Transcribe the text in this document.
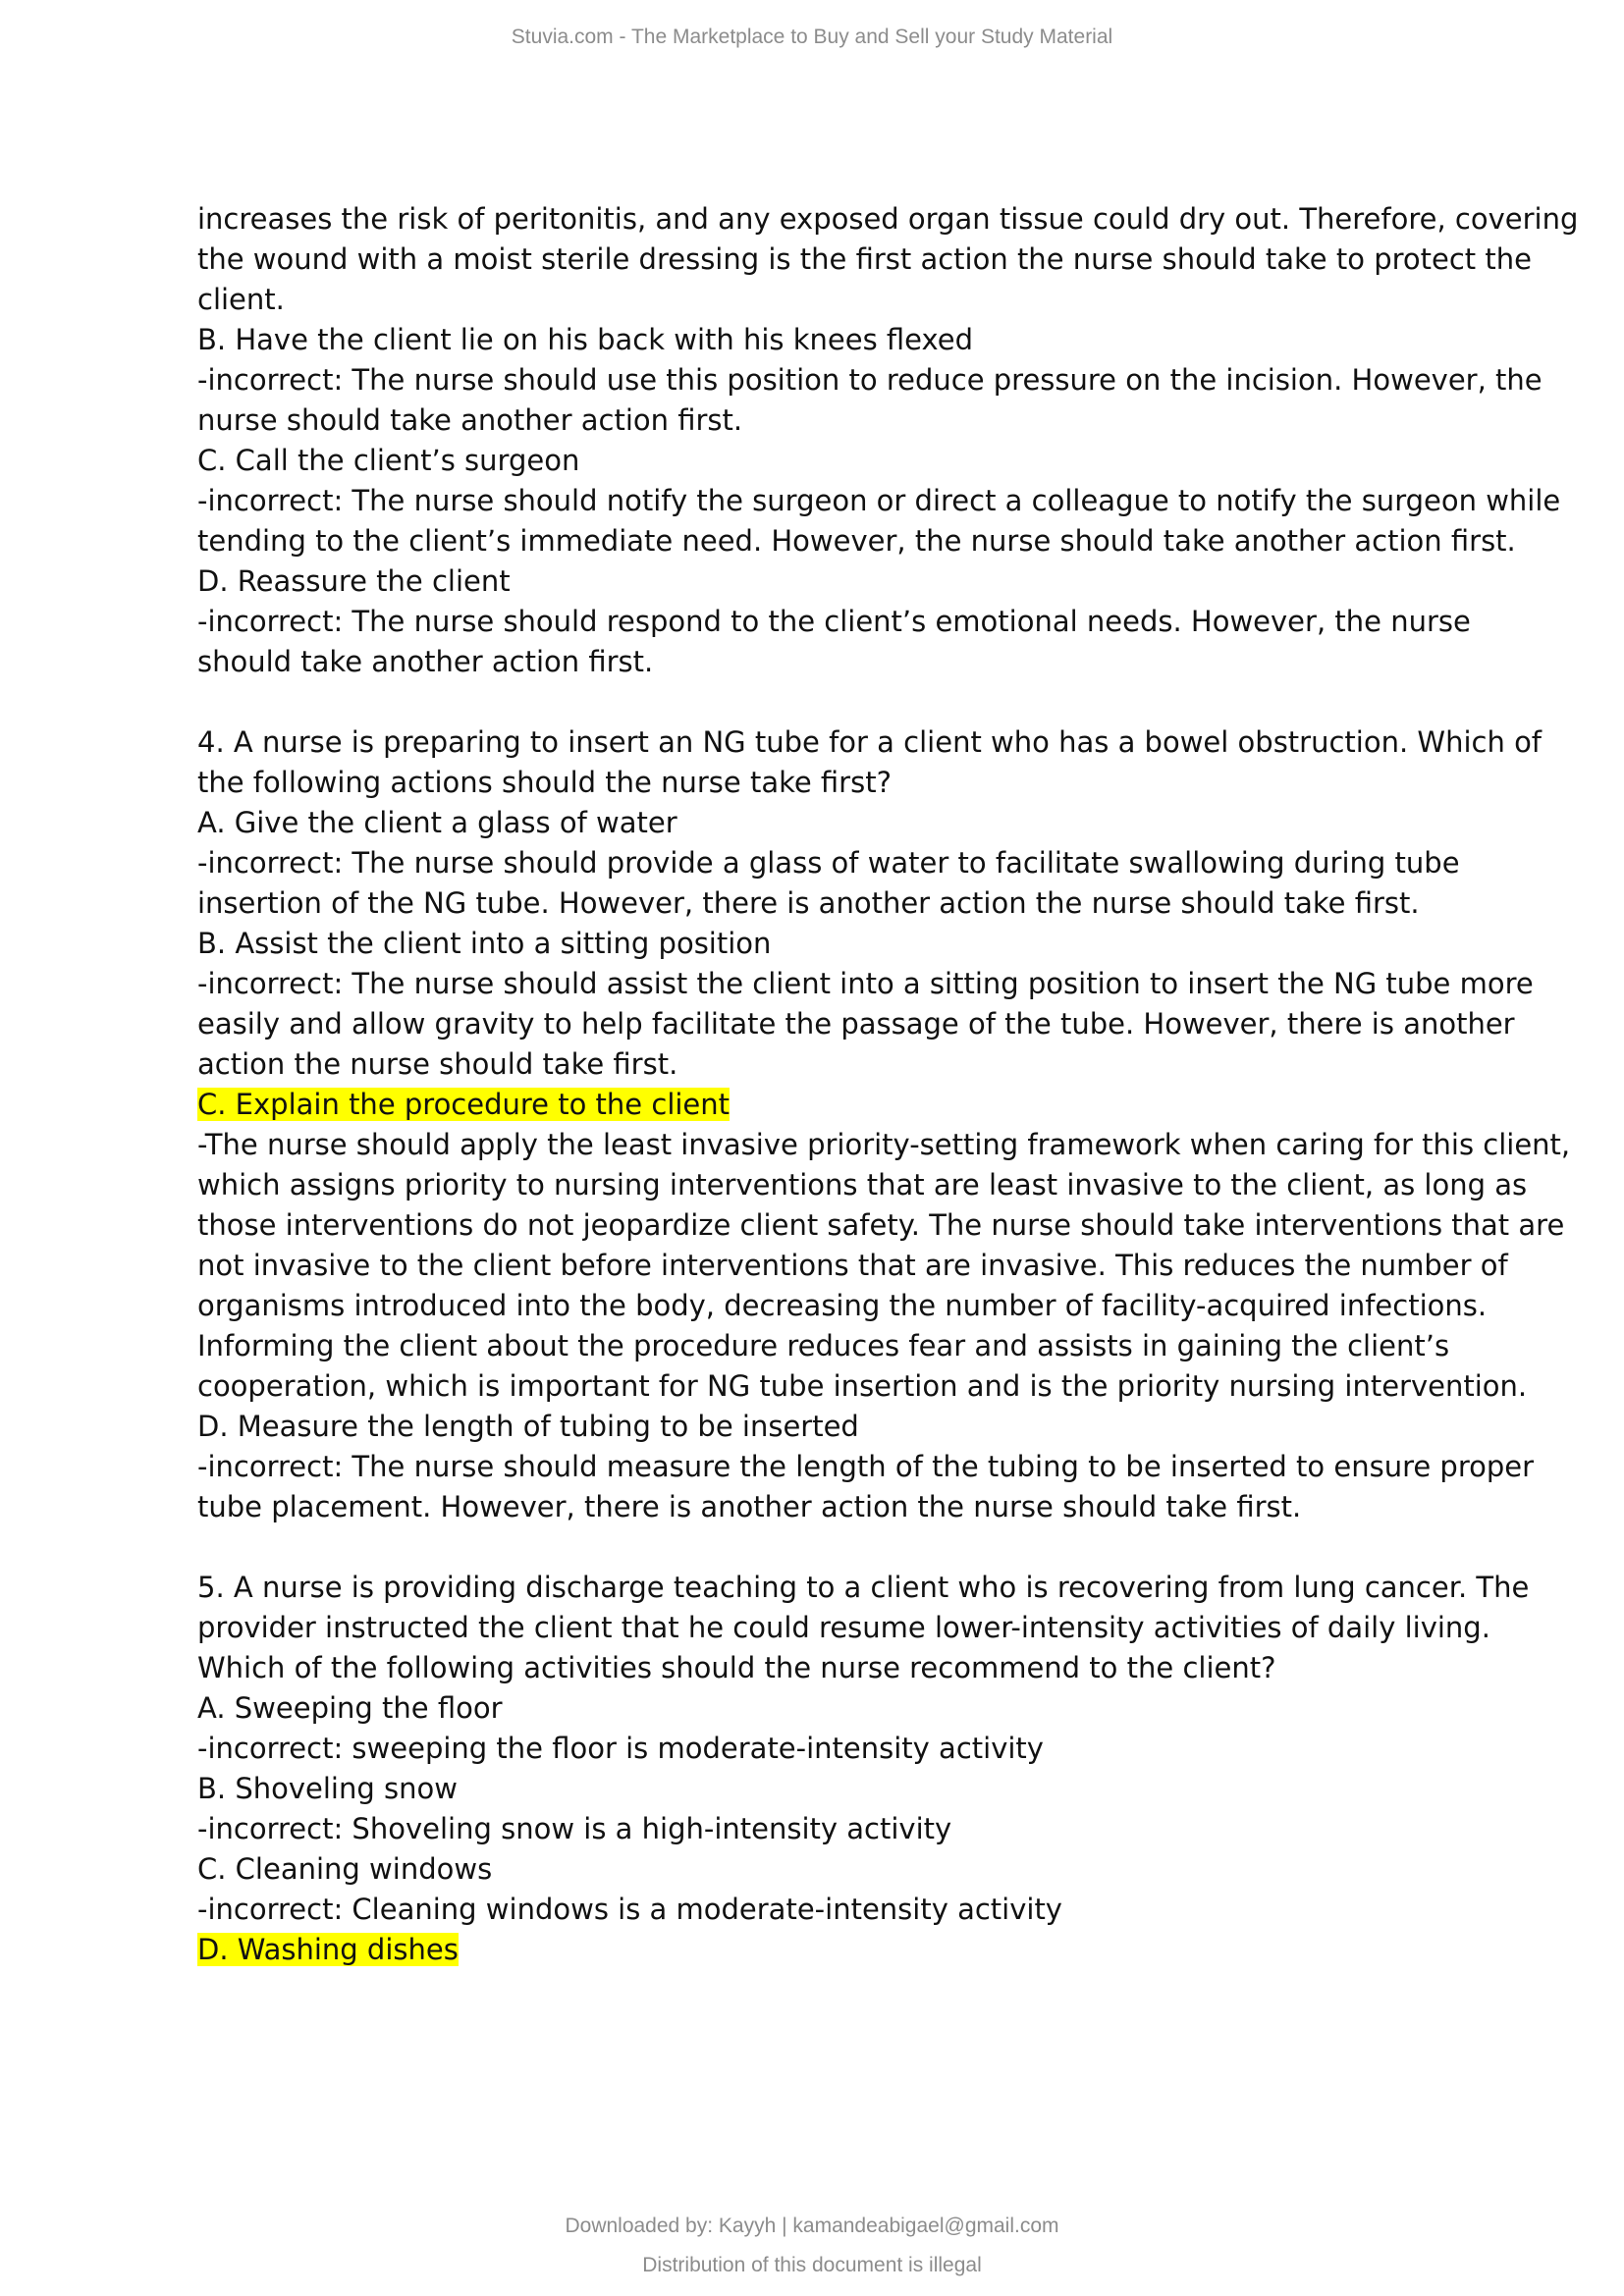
Stuvia.com - The Marketplace to Buy and Sell your Study Material
increases the risk of peritonitis, and any exposed organ tissue could dry out. Therefore, covering
the wound with a moist sterile dressing is the first action the nurse should take to protect the
client.
B. Have the client lie on his back with his knees flexed
-incorrect: The nurse should use this position to reduce pressure on the incision. However, the
nurse should take another action first.
C. Call the client’s surgeon
-incorrect: The nurse should notify the surgeon or direct a colleague to notify the surgeon while
tending to the client’s immediate need. However, the nurse should take another action first.
D. Reassure the client
-incorrect: The nurse should respond to the client’s emotional needs. However, the nurse
should take another action first.
4. A nurse is preparing to insert an NG tube for a client who has a bowel obstruction. Which of
the following actions should the nurse take first?
A. Give the client a glass of water
-incorrect: The nurse should provide a glass of water to facilitate swallowing during tube
insertion of the NG tube. However, there is another action the nurse should take first.
B. Assist the client into a sitting position
-incorrect: The nurse should assist the client into a sitting position to insert the NG tube more
easily and allow gravity to help facilitate the passage of the tube. However, there is another
action the nurse should take first.
C. Explain the procedure to the client
-The nurse should apply the least invasive priority-setting framework when caring for this client,
which assigns priority to nursing interventions that are least invasive to the client, as long as
those interventions do not jeopardize client safety. The nurse should take interventions that are
not invasive to the client before interventions that are invasive. This reduces the number of
organisms introduced into the body, decreasing the number of facility-acquired infections.
Informing the client about the procedure reduces fear and assists in gaining the client’s
cooperation, which is important for NG tube insertion and is the priority nursing intervention.
D. Measure the length of tubing to be inserted
-incorrect: The nurse should measure the length of the tubing to be inserted to ensure proper
tube placement. However, there is another action the nurse should take first.
5. A nurse is providing discharge teaching to a client who is recovering from lung cancer. The
provider instructed the client that he could resume lower-intensity activities of daily living.
Which of the following activities should the nurse recommend to the client?
A. Sweeping the floor
-incorrect: sweeping the floor is moderate-intensity activity
B. Shoveling snow
-incorrect: Shoveling snow is a high-intensity activity
C. Cleaning windows
-incorrect: Cleaning windows is a moderate-intensity activity
D. Washing dishes
Downloaded by: Kayyh | kamandeabigael@gmail.com
Distribution of this document is illegal
